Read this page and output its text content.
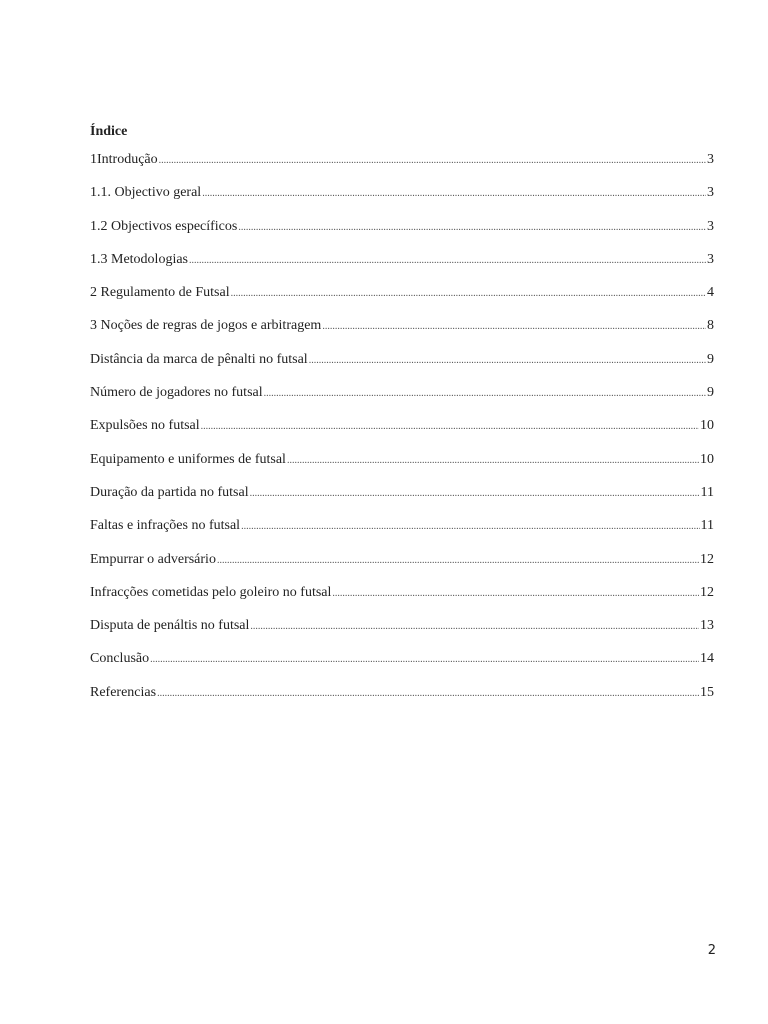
Índice
1Introdução .....	3
1.1. Objectivo geral .....	3
1.2 Objectivos específicos .....	3
1.3 Metodologias .....	3
2 Regulamento de Futsal .....	4
3 Noções de regras de jogos e arbitragem .....	8
Distância da marca de pênalti no futsal .....	9
Número de jogadores no futsal .....	9
Expulsões no futsal .....	10
Equipamento e uniformes de futsal .....	10
Duração da partida no futsal .....	11
Faltas e infrações no futsal .....	11
Empurrar o adversário .....	12
Infracções cometidas pelo goleiro no futsal .....	12
Disputa de penáltis no futsal .....	13
Conclusão .....	14
Referencias .....	15
2
